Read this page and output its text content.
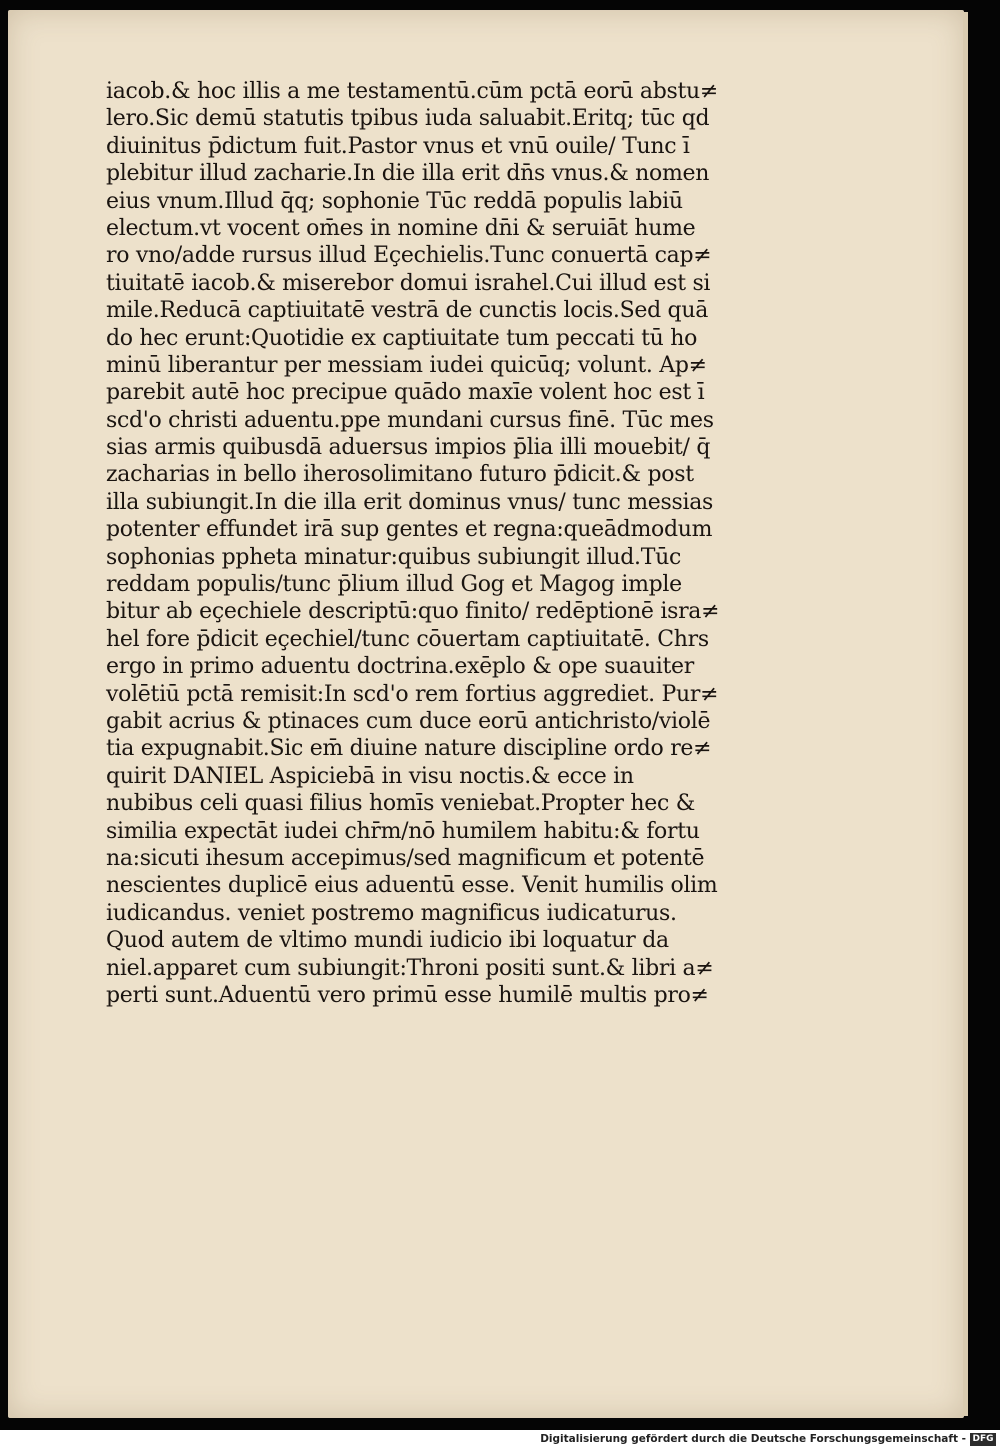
iacob.& hoc illis a me testamentū.cūm pctā eorū abstu≠
lero.Sic demū statutis tpibus iuda saluabit.Eritq; tūc qd
diuinitus p̄dictum fuit.Pastor vnus et vnū ouile/ Tunc ī
plebitur illud zacharie.In die illa erit dn̄s vnus.& nomen
eius vnum.Illud q̄q; sophonie Tūc reddā populis labiū
electum.vt vocent om̄es in nomine dn̄i & seruiāt hume
ro vno/adde rursus illud Eçechielis.Tunc conuertā cap≠
tiuitatē iacob.& miserebor domui israhel.Cui illud est si
mile.Reducā captiuitatē vestrā de cunctis locis.Sed quā
do hec erunt:Quotidie ex captiuitate tum peccati tū ho
minū liberantur per messiam iudei quicūq; volunt. Ap≠
parebit autē hoc precipue quādo maxīe volent hoc est ī
scd'o christi aduentu.ppe mundani cursus finē. Tūc mes
sias armis quibusdā aduersus impios p̄lia illi mouebit/ q̄
zacharias in bello iherosolimitano futuro p̄dicit.& post
illa subiungit.In die illa erit dominus vnus/ tunc messias
potenter effundet irā sup gentes et regna:queādmodum
sophonias ppheta minatur:quibus subiungit illud.Tūc
reddam populis/tunc p̄lium illud Gog et Magog imple
bitur ab eçechiele descriptū:quo finito/ redēptionē isra≠
hel fore p̄dicit eçechiel/tunc cōuertam captiuitatē. Chrs
ergo in primo aduentu doctrina.exēplo & ope suauiter
volētiū pctā remisit:In scd'o rem fortius aggrediet. Pur≠
gabit acrius & ptinaces cum duce eorū antichristo/violē
tia expugnabit.Sic em̄ diuine nature discipline ordo re≠
quirit DANIEL Aspiciebā in visu noctis.& ecce in
nubibus celi quasi filius homīs veniebat.Propter hec &
similia expectāt iudei chr̄m/nō humilem habitu:& fortu
na:sicuti ihesum accepimus/sed magnificum et potentē
nescientes duplicē eius aduentū esse. Venit humilis olim
iudicandus. veniet postremo magnificus iudicaturus.
Quod autem de vltimo mundi iudicio ibi loquatur da
niel.apparet cum subiungit:Throni positi sunt.& libri a≠
perti sunt.Aduentū vero primū esse humilē multis pro≠
Digitalisierung gefördert durch die Deutsche Forschungsgemeinschaft - DFG
